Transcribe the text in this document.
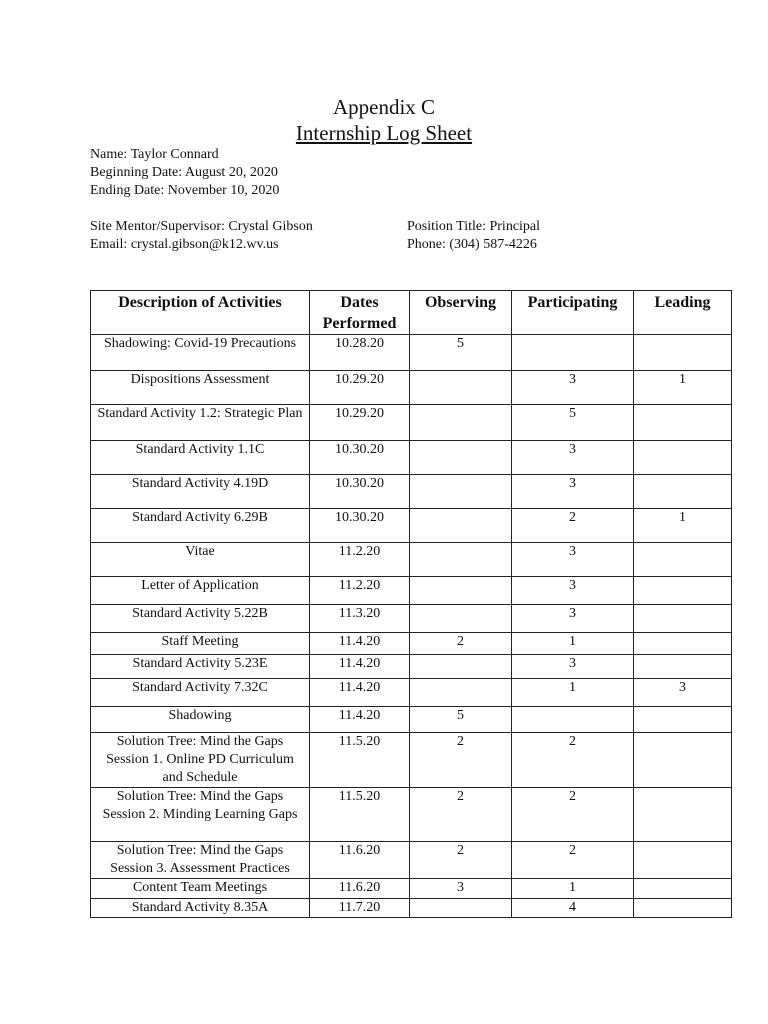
Appendix C
Internship Log Sheet
Name: Taylor Connard
Beginning Date: August 20, 2020
Ending Date: November 10, 2020
Site Mentor/Supervisor: Crystal Gibson
Email: crystal.gibson@k12.wv.us
Position Title: Principal
Phone: (304) 587-4226
Description of Activities	Dates Performed	Observing	Participating	Leading
Shadowing: Covid-19 Precautions	10.28.20	5		
Dispositions Assessment	10.29.20		3	1
Standard Activity 1.2: Strategic Plan	10.29.20		5	
Standard Activity 1.1C	10.30.20		3	
Standard Activity 4.19D	10.30.20		3	
Standard Activity 6.29B	10.30.20		2	1
Vitae	11.2.20		3	
Letter of Application	11.2.20		3	
Standard Activity 5.22B	11.3.20		3	
Staff Meeting	11.4.20	2	1	
Standard Activity 5.23E	11.4.20		3	
Standard Activity 7.32C	11.4.20		1	3
Shadowing	11.4.20	5		
Solution Tree: Mind the Gaps Session 1. Online PD Curriculum and Schedule	11.5.20	2	2	
Solution Tree: Mind the Gaps Session 2. Minding Learning Gaps	11.5.20	2	2	
Solution Tree: Mind the Gaps Session 3. Assessment Practices	11.6.20	2	2	
Content Team Meetings	11.6.20	3	1	
Standard Activity 8.35A	11.7.20		4	
